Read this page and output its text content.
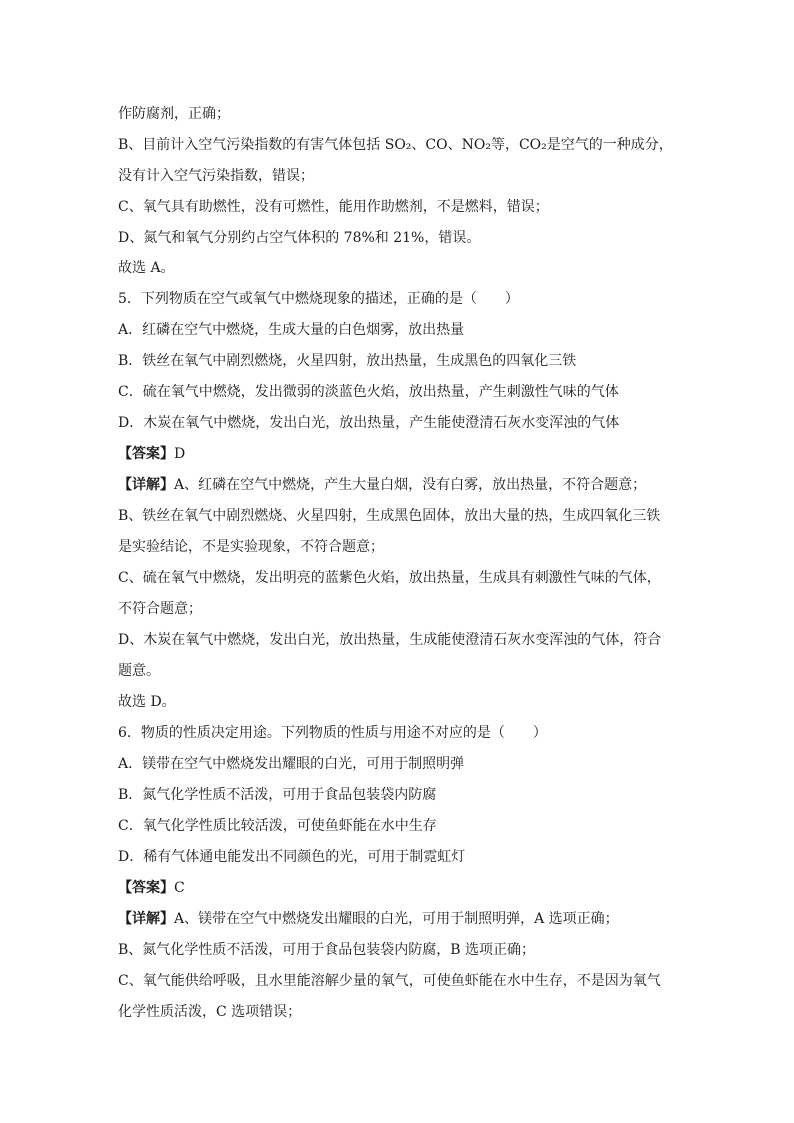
作防腐剂，正确；
B、目前计入空气污染指数的有害气体包括 SO₂、CO、NO₂等，CO₂是空气的一种成分，
没有计入空气污染指数，错误；
C、氧气具有助燃性，没有可燃性，能用作助燃剂，不是燃料，错误；
D、氮气和氧气分别约占空气体积的 78%和 21%，错误。
故选 A。
5．下列物质在空气或氧气中燃烧现象的描述，正确的是（　　）
A．红磷在空气中燃烧，生成大量的白色烟雾，放出热量
B．铁丝在氧气中剧烈燃烧，火星四射，放出热量，生成黑色的四氧化三铁
C．硫在氧气中燃烧，发出微弱的淡蓝色火焰，放出热量，产生刺激性气味的气体
D．木炭在氧气中燃烧，发出白光，放出热量，产生能使澄清石灰水变浑浊的气体
【答案】D
【详解】A、红磷在空气中燃烧，产生大量白烟，没有白雾，放出热量，不符合题意；
B、铁丝在氧气中剧烈燃烧、火星四射，生成黑色固体，放出大量的热，生成四氧化三铁
是实验结论，不是实验现象，不符合题意；
C、硫在氧气中燃烧，发出明亮的蓝紫色火焰，放出热量，生成具有刺激性气味的气体，
不符合题意；
D、木炭在氧气中燃烧，发出白光，放出热量，生成能使澄清石灰水变浑浊的气体，符合
题意。
故选 D。
6．物质的性质决定用途。下列物质的性质与用途不对应的是（　　）
A．镁带在空气中燃烧发出耀眼的白光，可用于制照明弹
B．氮气化学性质不活泼，可用于食品包装袋内防腐
C．氧气化学性质比较活泼，可使鱼虾能在水中生存
D．稀有气体通电能发出不同颜色的光，可用于制霓虹灯
【答案】C
【详解】A、镁带在空气中燃烧发出耀眼的白光，可用于制照明弹，A 选项正确；
B、氮气化学性质不活泼，可用于食品包装袋内防腐，B 选项正确；
C、氧气能供给呼吸，且水里能溶解少量的氧气，可使鱼虾能在水中生存，不是因为氧气
化学性质活泼，C 选项错误；
